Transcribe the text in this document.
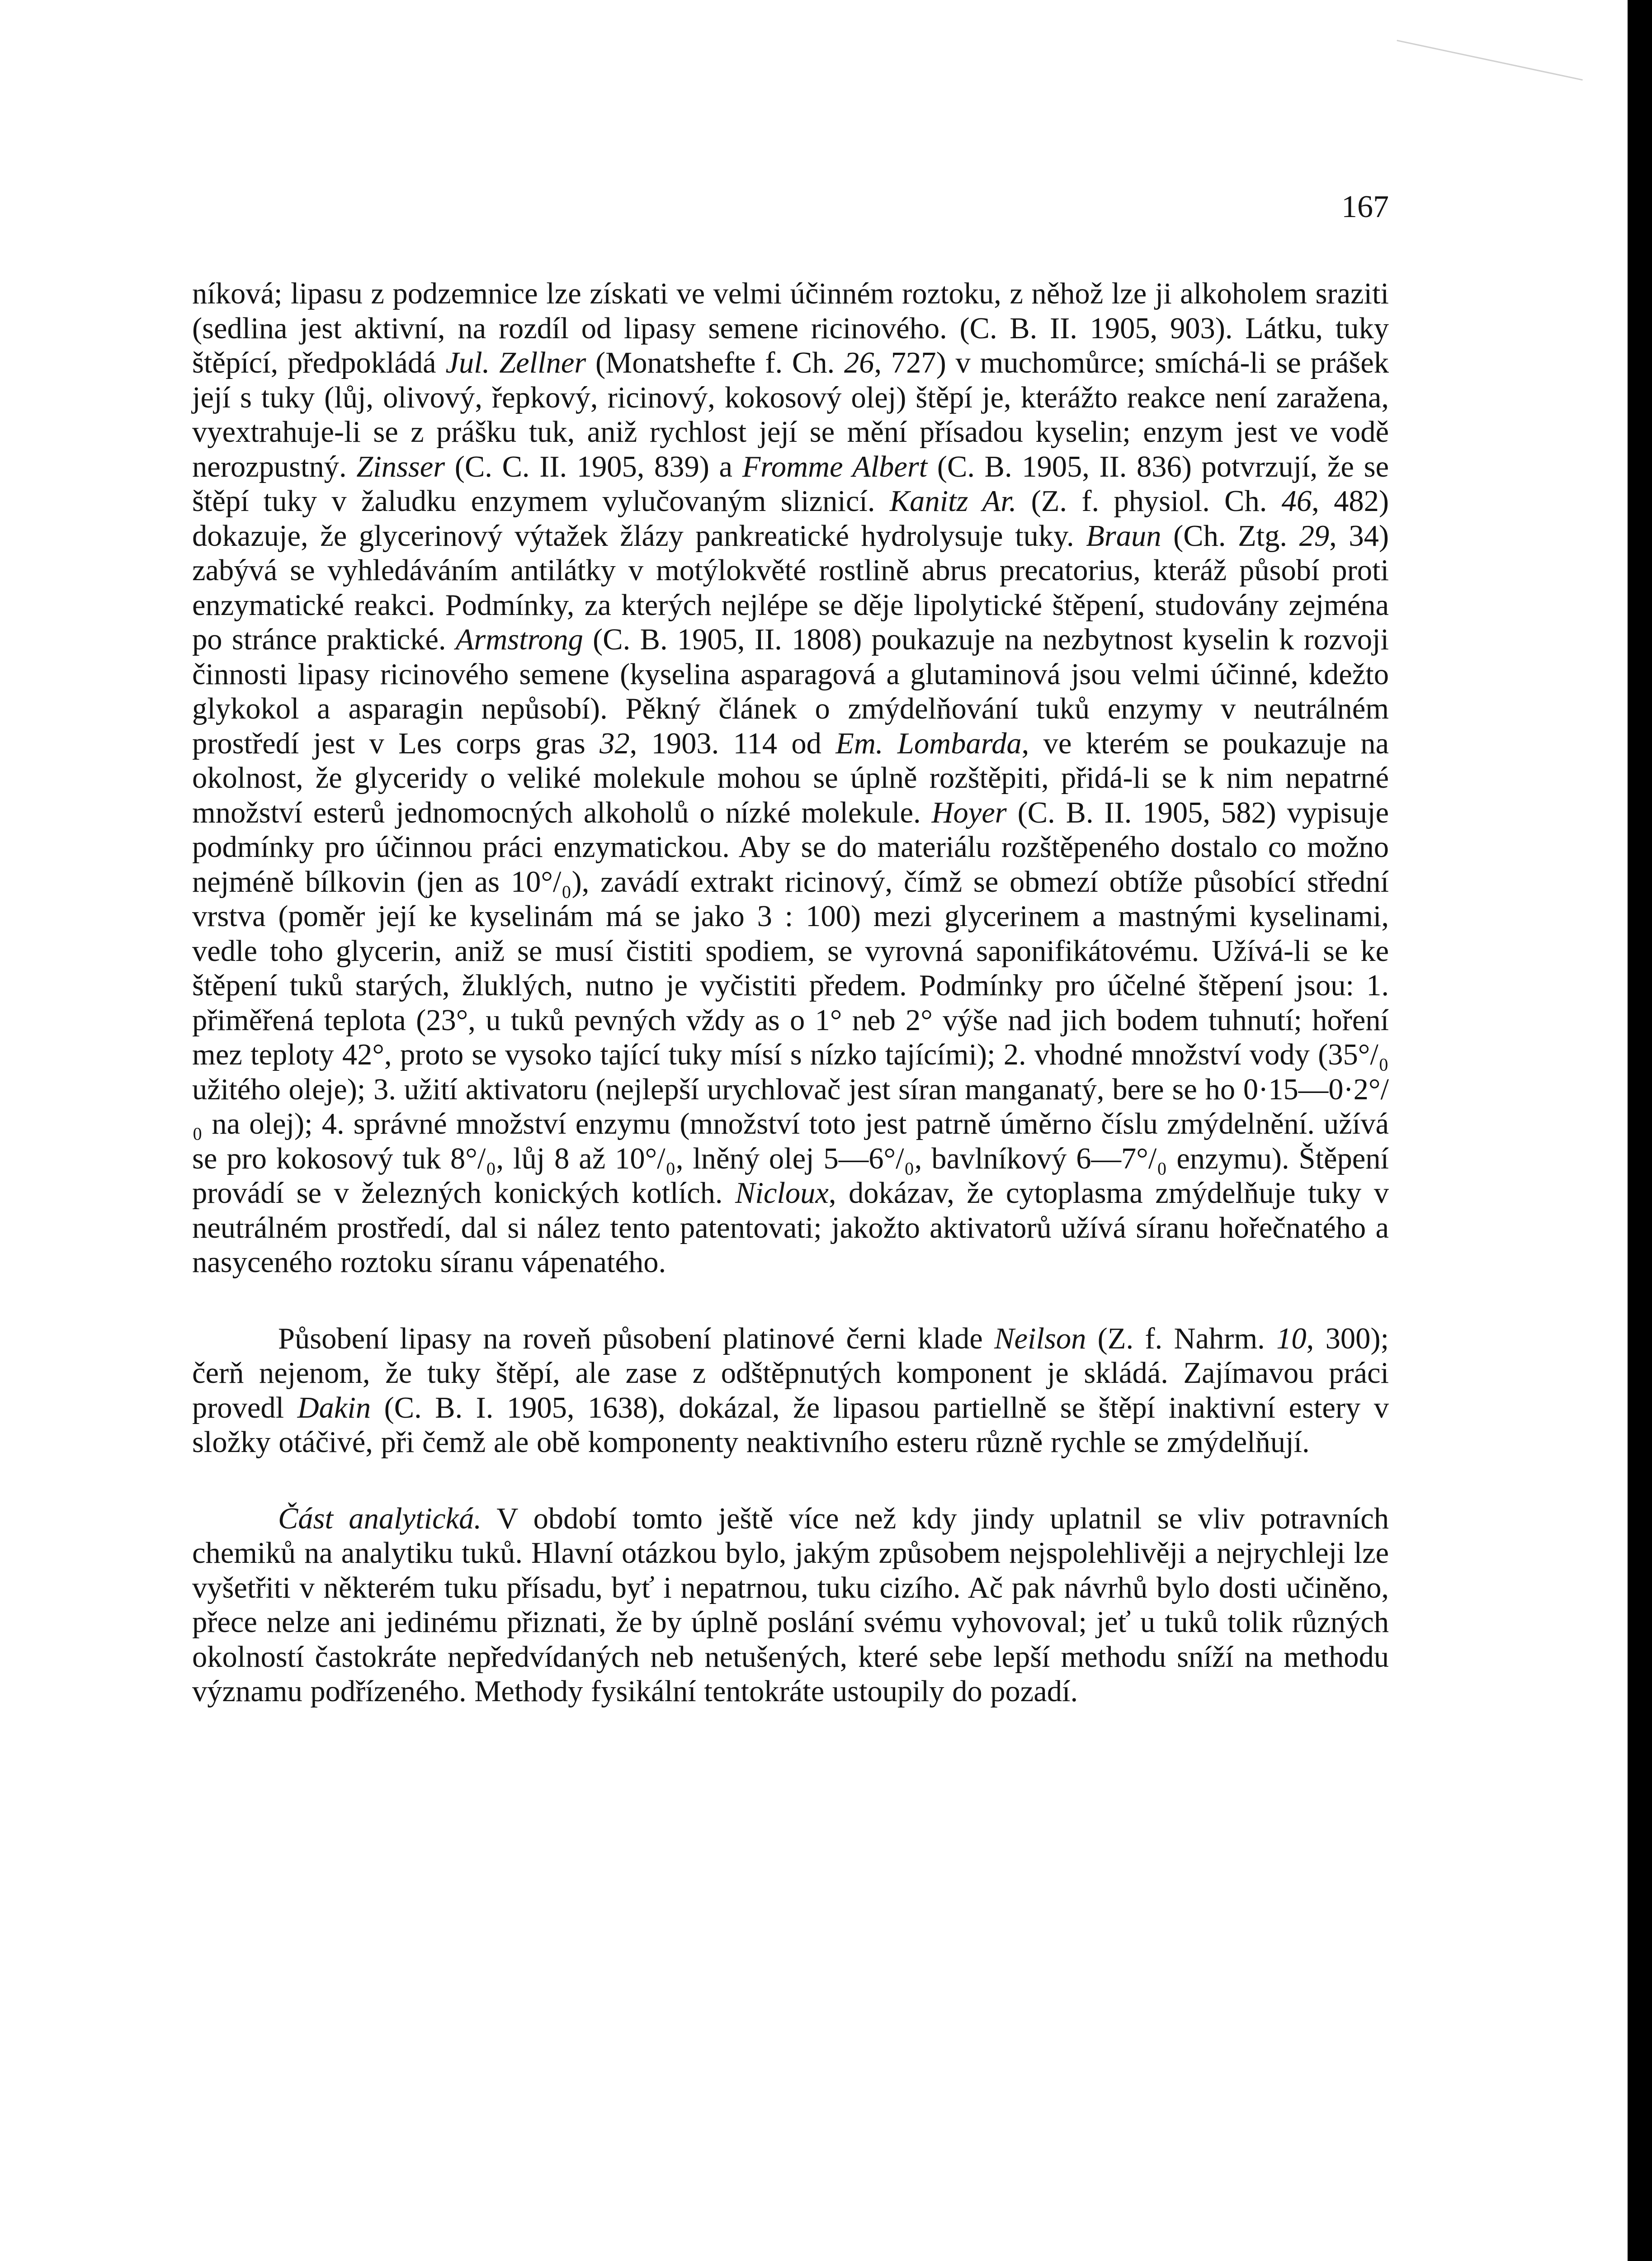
167

níková; lipasu z podzemnice lze získati ve velmi účinném roztoku, z něhož lze ji alkoholem sraziti (sedlina jest aktivní, na rozdíl od lipasy semene ricinového. (C. B. II. 1905, 903). Látku, tuky štěpící, předpokládá Jul. Zellner (Monatshefte f. Ch. 26, 727) v muchomůrce; smíchá-li se prášek její s tuky (lůj, olivový, řepkový, ricinový, kokosový olej) štěpí je, kterážto reakce není zaražena, vyextrahuje-li se z prášku tuk, aniž rychlost její se mění přísadou kyselin; enzym jest ve vodě nerozpustný. Zinsser (C. C. II. 1905, 839) a Fromme Albert (C. B. 1905, II. 836) potvrzují, že se štěpí tuky v žaludku enzymem vylučovaným sliznicí. Kanitz Ar. (Z. f. physiol. Ch. 46, 482) dokazuje, že glycerinový výtažek žlázy pankreatické hydrolysuje tuky. Braun (Ch. Ztg. 29, 34) zabývá se vyhledáváním antilátky v motýlokvěté rostlině abrus precatorius, kteráž působí proti enzymatické reakci. Podmínky, za kterých nejlépe se děje lipolytické štěpení, studovány zejména po stránce praktické. Armstrong (C. B. 1905, II. 1808) poukazuje na nezbytnost kyselin k rozvoji činnosti lipasy ricinového semene (kyselina asparagová a glutaminová jsou velmi účinné, kdežto glykokol a asparagin nepůsobí). Pěkný článek o zmýdelňování tuků enzymy v neutrálném prostředí jest v Les corps gras 32, 1903. 114 od Em. Lombarda, ve kterém se poukazuje na okolnost, že glyceridy o veliké molekule mohou se úplně rozštěpiti, přidá-li se k nim nepatrné množství esterů jednomocných alkoholů o nízké molekule. Hoyer (C. B. II. 1905, 582) vypisuje podmínky pro účinnou práci enzymatickou. Aby se do materiálu rozštěpeného dostalo co možno nejméně bílkovin (jen as 10°/₀), zavádí extrakt ricinový, čímž se obmezí obtíže působící střední vrstva (poměr její ke kyselinám má se jako 3 : 100) mezi glycerinem a mastnými kyselinami, vedle toho glycerin, aniž se musí čistiti spodiem, se vyrovná saponifikátovému. Užívá-li se ke štěpení tuků starých, žluklých, nutno je vyčistiti předem. Podmínky pro účelné štěpení jsou: 1. přiměřená teplota (23°, u tuků pevných vždy as o 1° neb 2° výše nad jich bodem tuhnutí; hoření mez teploty 42°, proto se vysoko tající tuky mísí s nízko tajícími); 2. vhodné množství vody (35°/₀ užitého oleje); 3. užití aktivatoru (nejlepší urychlovač jest síran manganatý, bere se ho 0·15—0·2°/₀ na olej); 4. správné množství enzymu (množství toto jest patrně úměrno číslu zmýdelnění. užívá se pro kokosový tuk 8°/₀, lůj 8 až 10°/₀, lněný olej 5—6°/₀, bavlníkový 6—7°/₀ enzymu). Štěpení provádí se v železných konických kotlích. Nicloux, dokázav, že cytoplasma zmýdelňuje tuky v neutrálném prostředí, dal si nález tento patentovati; jakožto aktivatorů užívá síranu hořečnatého a nasyceného roztoku síranu vápenatého.

Působení lipasy na roveň působení platinové černi klade Neilson (Z. f. Nahrm. 10, 300); čerň nejenom, že tuky štěpí, ale zase z odštěpnutých komponent je skládá. Zajímavou práci provedl Dakin (C. B. I. 1905, 1638), dokázal, že lipasou partiellně se štěpí inaktivní estery v složky otáčivé, při čemž ale obě komponenty neaktivního esteru různě rychle se zmýdelňují.

Část analytická. V období tomto ještě více než kdy jindy uplatnil se vliv potravních chemiků na analytiku tuků. Hlavní otázkou bylo, jakým způsobem nejspolehlivěji a nejrychleji lze vyšetřiti v některém tuku přísadu, byť i nepatrnou, tuku cizího. Ač pak návrhů bylo dosti učiněno, přece nelze ani jedinému přiznati, že by úplně poslání svému vyhovoval; jeť u tuků tolik různých okolností častokráte nepředvídaných neb netušených, které sebe lepší methodu sníží na methodu významu podřízeného. Methody fysikální tentokráte ustoupily do pozadí.
